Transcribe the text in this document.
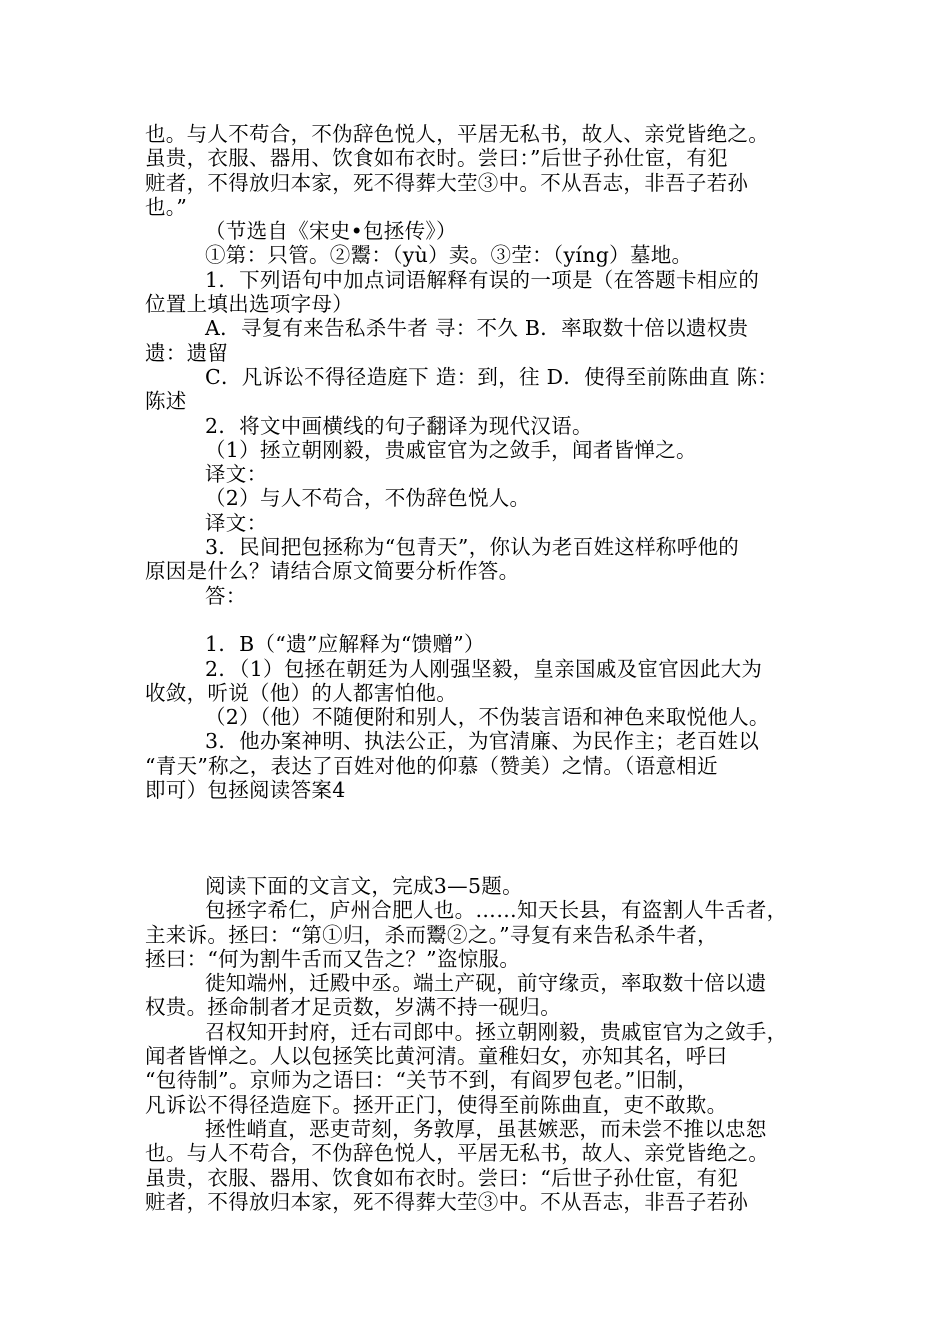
也。与人不苟合，不伪辞色悦人，平居无私书，故人、亲党皆绝之。
虽贵，衣服、器用、饮食如布衣时。尝曰：”后世子孙仕宦，有犯
赃者，不得放归本家，死不得葬大茔③中。不从吾志，非吾子若孙
也。”
（节选自《宋史•包拯传》）
①第：只管。②鬻：（yù）卖。③茔：（yíng）墓地。
1．下列语句中加点词语解释有误的一项是（在答题卡相应的
位置上填出选项字母）
A．寻复有来告私杀牛者 寻：不久 B．率取数十倍以遗权贵
遗：遗留
C．凡诉讼不得径造庭下 造：到，往 D．使得至前陈曲直 陈：
陈述
2．将文中画横线的句子翻译为现代汉语。
（1）拯立朝刚毅，贵戚宦官为之敛手，闻者皆惮之。
译文：
（2）与人不苟合，不伪辞色悦人。
译文：
3．民间把包拯称为“包青天”，你认为老百姓这样称呼他的
原因是什么？请结合原文简要分析作答。
答：
1．B（“遗”应解释为“馈赠”）
2．（1）包拯在朝廷为人刚强坚毅，皇亲国戚及宦官因此大为
收敛，听说（他）的人都害怕他。
（2）（他）不随便附和别人，不伪装言语和神色来取悦他人。
3．他办案神明、执法公正，为官清廉、为民作主；老百姓以
“青天”称之，表达了百姓对他的仰慕（赞美）之情。（语意相近
即可）包拯阅读答案4
阅读下面的文言文，完成3—5题。
包拯字希仁，庐州合肥人也。……知天长县，有盗割人牛舌者，
主来诉。拯曰：“第①归，杀而鬻②之。”寻复有来告私杀牛者，
拯曰：“何为割牛舌而又告之？”盗惊服。
徙知端州，迁殿中丞。端土产砚，前守缘贡，率取数十倍以遗
权贵。拯命制者才足贡数，岁满不持一砚归。
召权知开封府，迁右司郎中。拯立朝刚毅，贵戚宦官为之敛手，
闻者皆惮之。人以包拯笑比黄河清。童稚妇女，亦知其名，呼曰
“包待制”。京师为之语曰：“关节不到，有阎罗包老。”旧制，
凡诉讼不得径造庭下。拯开正门，使得至前陈曲直，吏不敢欺。
拯性峭直，恶吏苛刻，务敦厚，虽甚嫉恶，而未尝不推以忠恕
也。与人不苟合，不伪辞色悦人，平居无私书，故人、亲党皆绝之。
虽贵，衣服、器用、饮食如布衣时。尝曰：“后世子孙仕宦，有犯
赃者，不得放归本家，死不得葬大茔③中。不从吾志，非吾子若孙
